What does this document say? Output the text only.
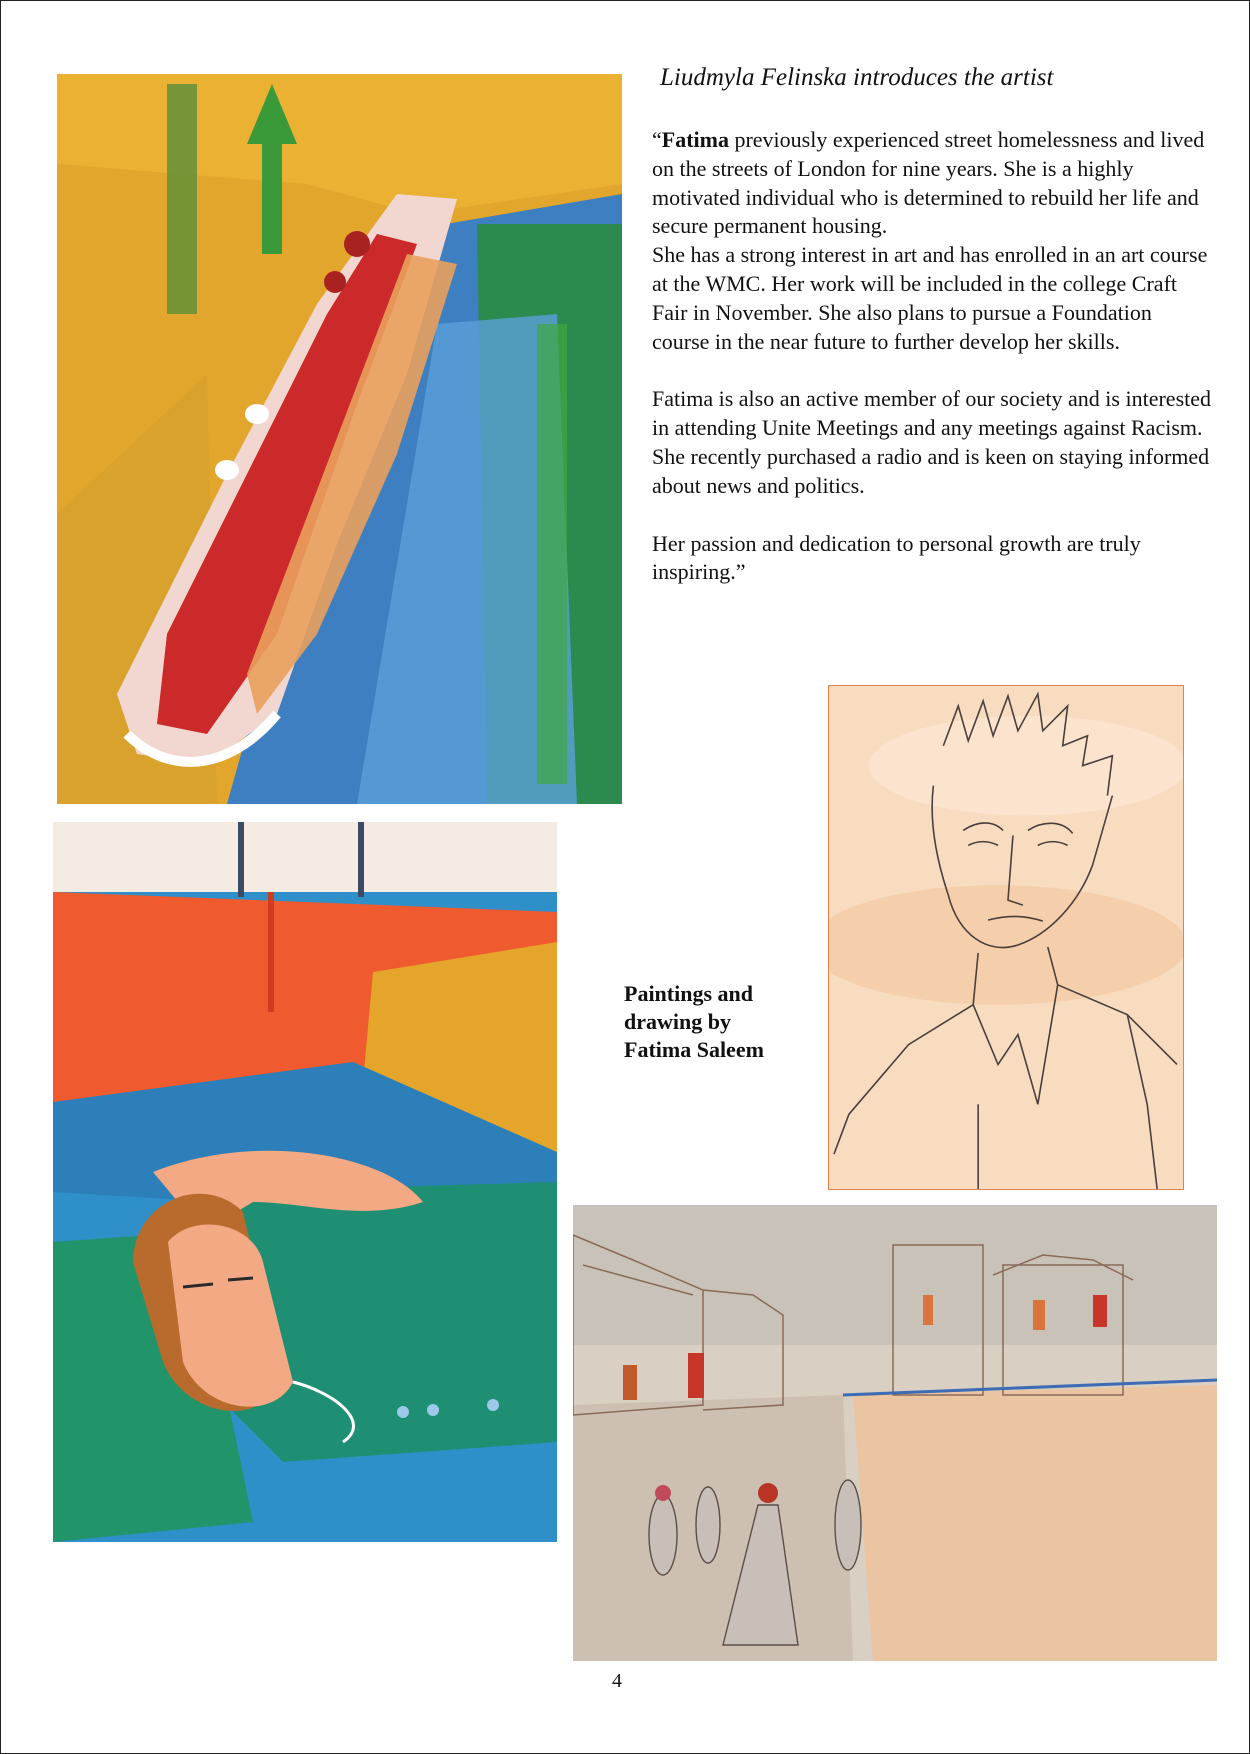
Liudmyla Felinska introduces the artist

“Fatima previously experienced street homelessness and lived on the streets of London for nine years. She is a highly motivated individual who is determined to rebuild her life and secure permanent housing.

She has a strong interest in art and has enrolled in an art course at the WMC. Her work will be included in the college Craft Fair in November. She also plans to pursue a Foundation course in the near future to further develop her skills.

Fatima is also an active member of our society and is interested in attending Unite Meetings and any meetings against Racism. She recently purchased a radio and is keen on staying informed about news and politics.

Her passion and dedication to personal growth are truly inspiring.”

Paintings and
drawing by
Fatima Saleem
4
